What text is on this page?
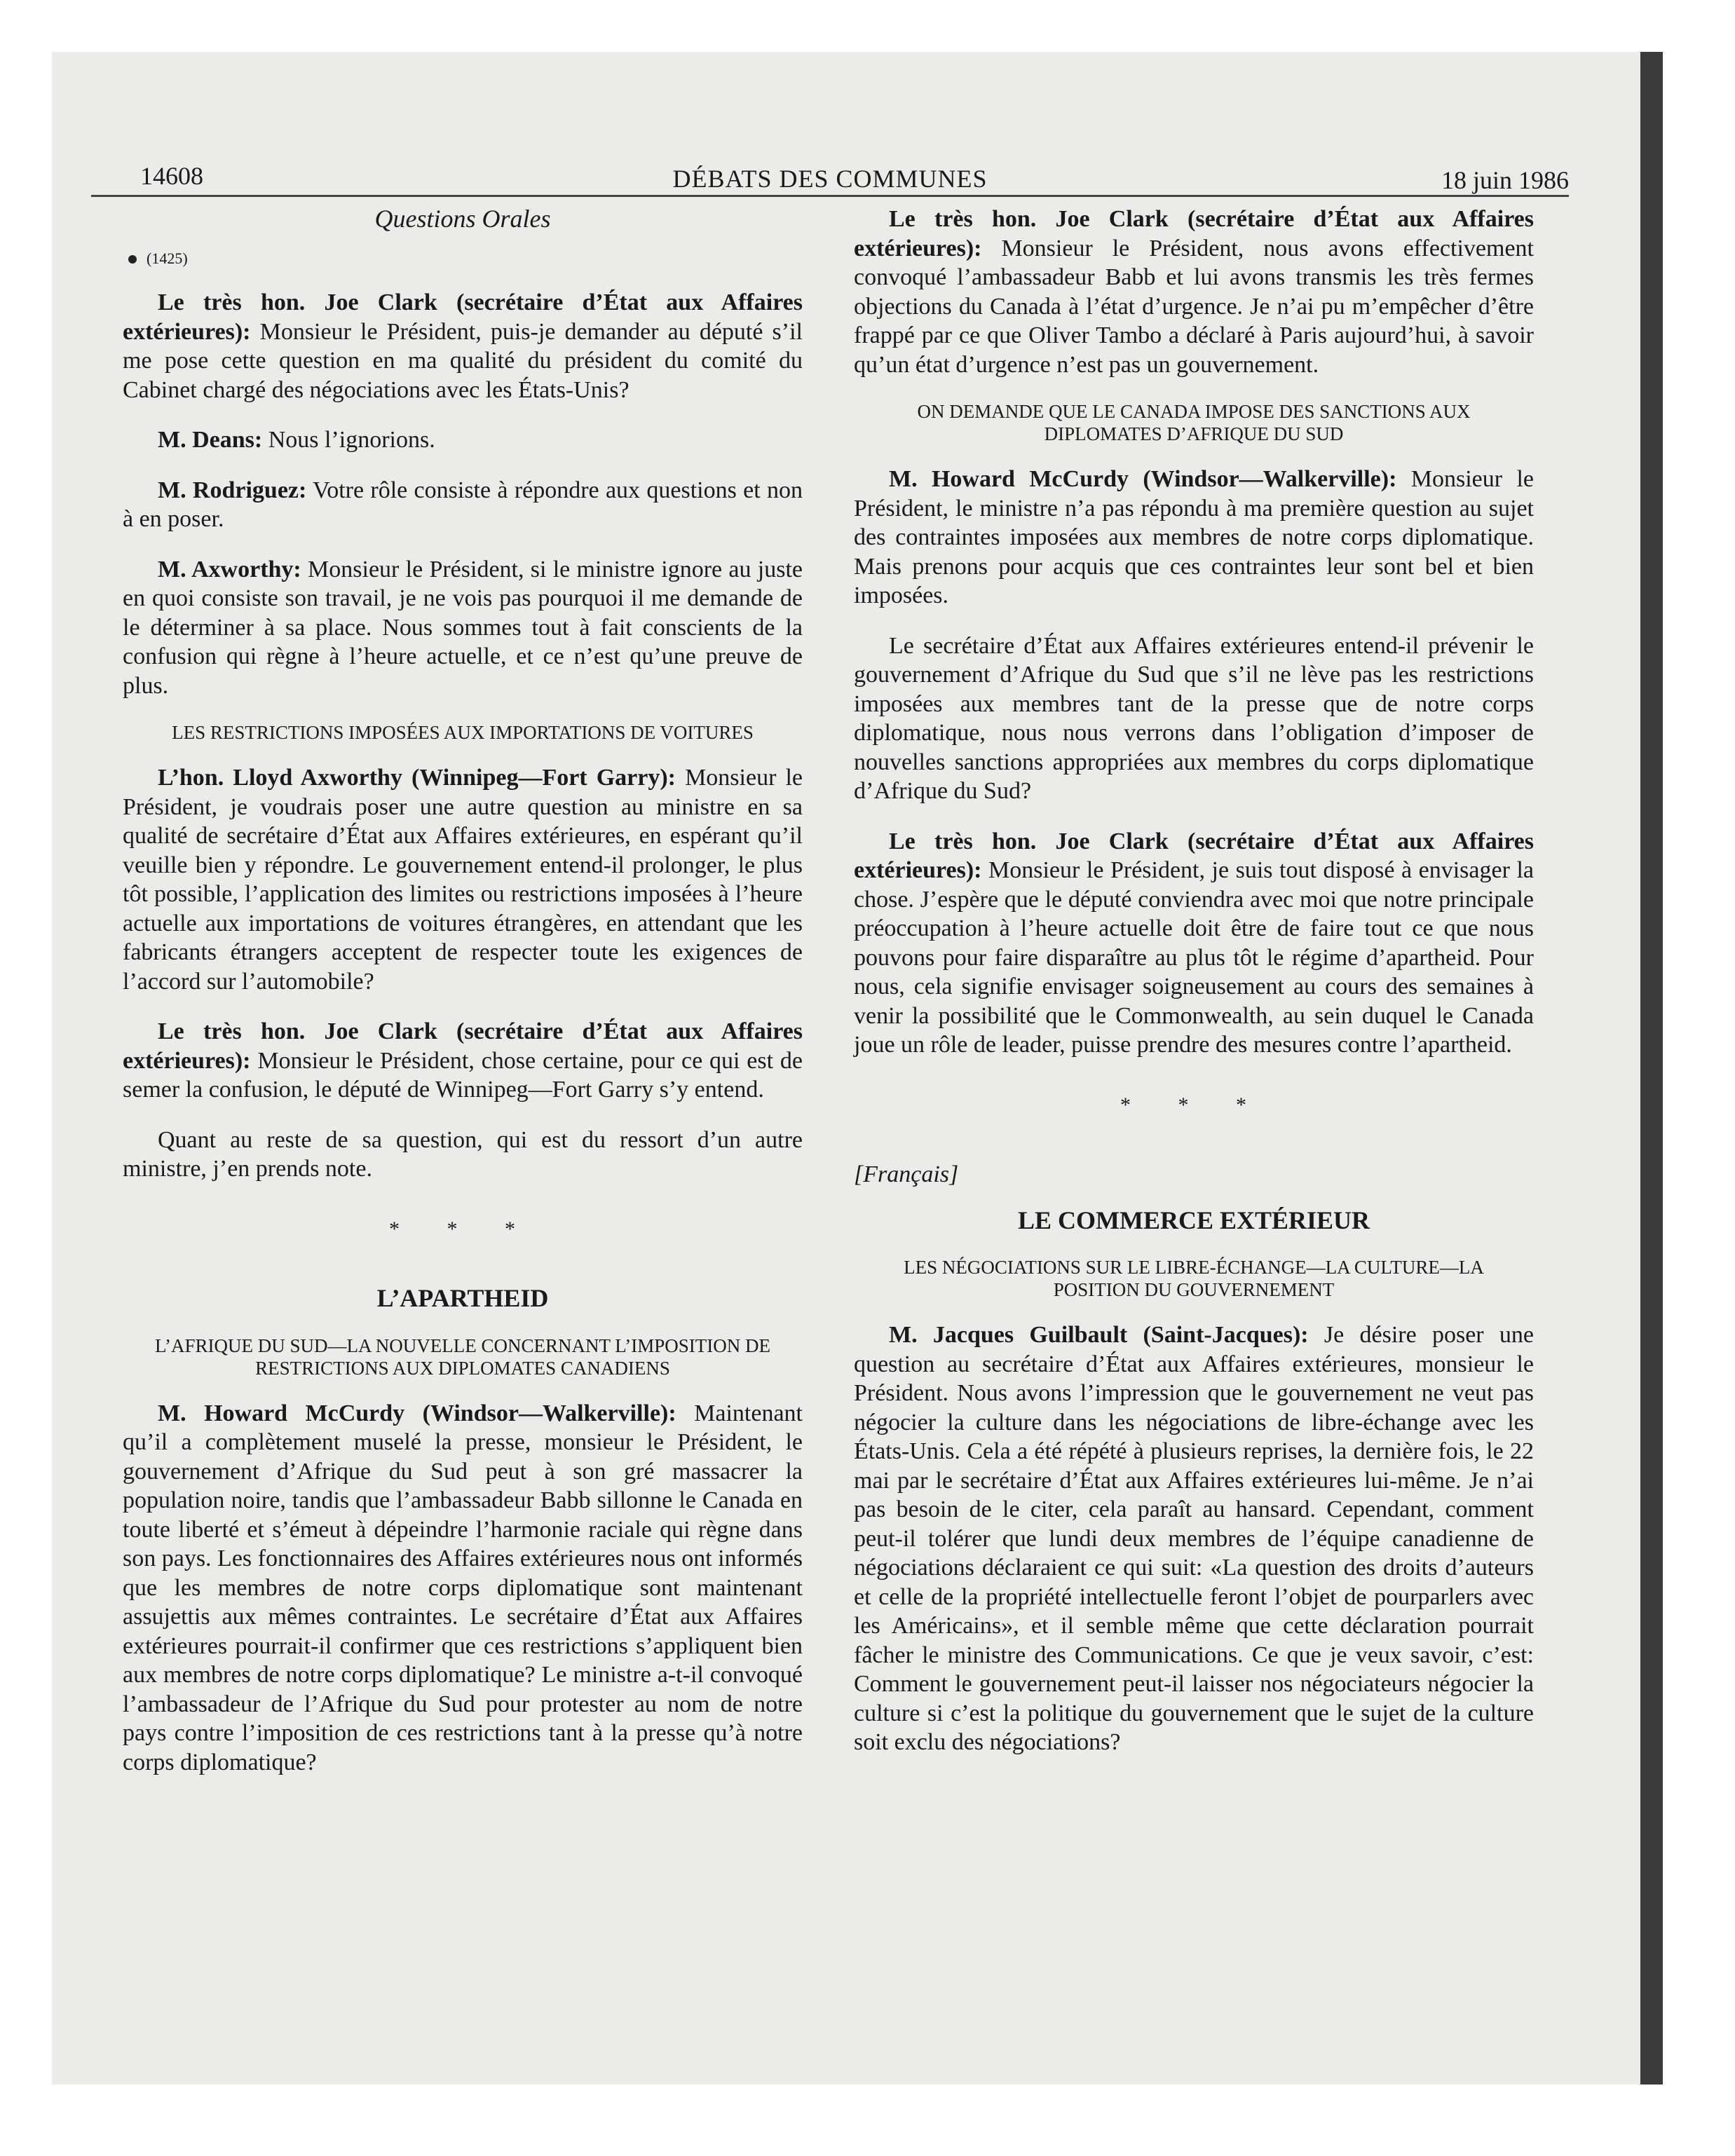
14608	DÉBATS DES COMMUNES	18 juin 1986
Questions Orales
(1425)

Le très hon. Joe Clark (secrétaire d’État aux Affaires extérieures): Monsieur le Président, puis-je demander au député s’il me pose cette question en ma qualité du président du comité du Cabinet chargé des négociations avec les États-Unis?

M. Deans: Nous l’ignorions.

M. Rodriguez: Votre rôle consiste à répondre aux questions et non à en poser.

M. Axworthy: Monsieur le Président, si le ministre ignore au juste en quoi consiste son travail, je ne vois pas pourquoi il me demande de le déterminer à sa place. Nous sommes tout à fait conscients de la confusion qui règne à l’heure actuelle, et ce n’est qu’une preuve de plus.

LES RESTRICTIONS IMPOSÉES AUX IMPORTATIONS DE VOITURES

L’hon. Lloyd Axworthy (Winnipeg—Fort Garry): Monsieur le Président, je voudrais poser une autre question au ministre en sa qualité de secrétaire d’État aux Affaires extérieures, en espérant qu’il veuille bien y répondre. Le gouvernement entend-il prolonger, le plus tôt possible, l’application des limites ou restrictions imposées à l’heure actuelle aux importations de voitures étrangères, en attendant que les fabricants étrangers acceptent de respecter toute les exigences de l’accord sur l’automobile?

Le très hon. Joe Clark (secrétaire d’État aux Affaires extérieures): Monsieur le Président, chose certaine, pour ce qui est de semer la confusion, le député de Winnipeg—Fort Garry s’y entend.

Quant au reste de sa question, qui est du ressort d’un autre ministre, j’en prends note.

* * *
L’APARTHEID
L’AFRIQUE DU SUD—LA NOUVELLE CONCERNANT L’IMPOSITION DE RESTRICTIONS AUX DIPLOMATES CANADIENS

M. Howard McCurdy (Windsor—Walkerville): Maintenant qu’il a complètement muselé la presse, monsieur le Président, le gouvernement d’Afrique du Sud peut à son gré massacrer la population noire, tandis que l’ambassadeur Babb sillonne le Canada en toute liberté et s’émeut à dépeindre l’harmonie raciale qui règne dans son pays. Les fonctionnaires des Affaires extérieures nous ont informés que les membres de notre corps diplomatique sont maintenant assujettis aux mêmes contraintes. Le secrétaire d’État aux Affaires extérieures pourrait-il confirmer que ces restrictions s’appliquent bien aux membres de notre corps diplomatique? Le ministre a-t-il convoqué l’ambassadeur de l’Afrique du Sud pour protester au nom de notre pays contre l’imposition de ces restrictions tant à la presse qu’à notre corps diplomatique?

Le très hon. Joe Clark (secrétaire d’État aux Affaires extérieures): Monsieur le Président, nous avons effectivement convoqué l’ambassadeur Babb et lui avons transmis les très fermes objections du Canada à l’état d’urgence. Je n’ai pu m’empêcher d’être frappé par ce que Oliver Tambo a déclaré à Paris aujourd’hui, à savoir qu’un état d’urgence n’est pas un gouvernement.

ON DEMANDE QUE LE CANADA IMPOSE DES SANCTIONS AUX DIPLOMATES D’AFRIQUE DU SUD

M. Howard McCurdy (Windsor—Walkerville): Monsieur le Président, le ministre n’a pas répondu à ma première question au sujet des contraintes imposées aux membres de notre corps diplomatique. Mais prenons pour acquis que ces contraintes leur sont bel et bien imposées.

Le secrétaire d’État aux Affaires extérieures entend-il prévenir le gouvernement d’Afrique du Sud que s’il ne lève pas les restrictions imposées aux membres tant de la presse que de notre corps diplomatique, nous nous verrons dans l’obligation d’imposer de nouvelles sanctions appropriées aux membres du corps diplomatique d’Afrique du Sud?

Le très hon. Joe Clark (secrétaire d’État aux Affaires extérieures): Monsieur le Président, je suis tout disposé à envisager la chose. J’espère que le député conviendra avec moi que notre principale préoccupation à l’heure actuelle doit être de faire tout ce que nous pouvons pour faire disparaître au plus tôt le régime d’apartheid. Pour nous, cela signifie envisager soigneusement au cours des semaines à venir la possibilité que le Commonwealth, au sein duquel le Canada joue un rôle de leader, puisse prendre des mesures contre l’apartheid.

* * *
[Français]
LE COMMERCE EXTÉRIEUR
LES NÉGOCIATIONS SUR LE LIBRE-ÉCHANGE—LA CULTURE—LA POSITION DU GOUVERNEMENT

M. Jacques Guilbault (Saint-Jacques): Je désire poser une question au secrétaire d’État aux Affaires extérieures, monsieur le Président. Nous avons l’impression que le gouvernement ne veut pas négocier la culture dans les négociations de libre-échange avec les États-Unis. Cela a été répété à plusieurs reprises, la dernière fois, le 22 mai par le secrétaire d’État aux Affaires extérieures lui-même. Je n’ai pas besoin de le citer, cela paraît au hansard. Cependant, comment peut-il tolérer que lundi deux membres de l’équipe canadienne de négociations déclaraient ce qui suit: «La question des droits d’auteurs et celle de la propriété intellectuelle feront l’objet de pourparlers avec les Américains», et il semble même que cette déclaration pourrait fâcher le ministre des Communications. Ce que je veux savoir, c’est: Comment le gouvernement peut-il laisser nos négociateurs négocier la culture si c’est la politique du gouvernement que le sujet de la culture soit exclu des négociations?
